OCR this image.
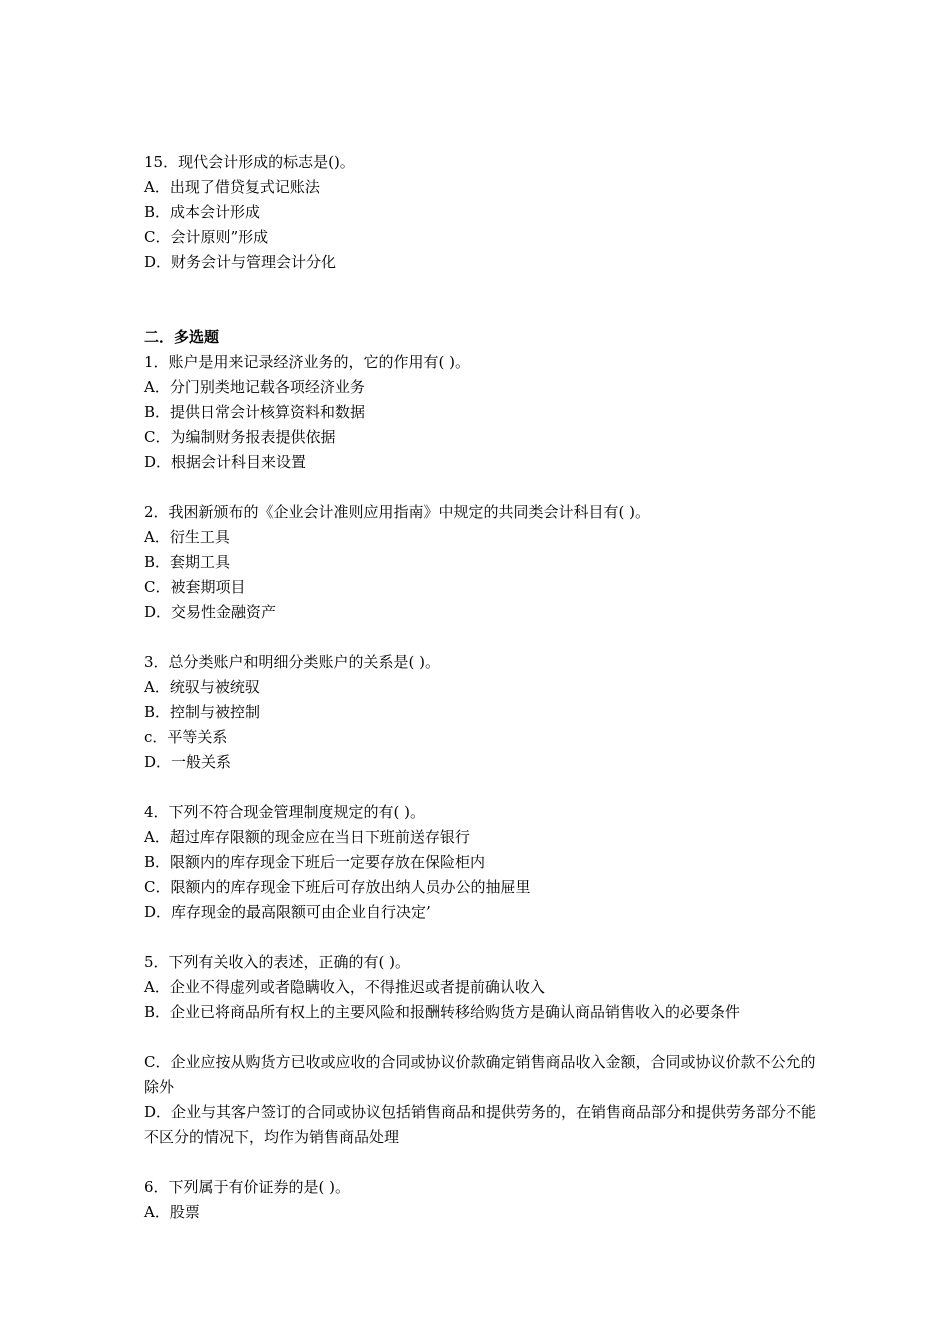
15．现代会计形成的标志是()。
A．出现了借贷复式记账法
B．成本会计形成
C．会计原则”形成
D．财务会计与管理会计分化
二．多选题
1．账户是用来记录经济业务的，它的作用有( )。
A．分门别类地记载各项经济业务
B．提供日常会计核算资料和数据
C．为编制财务报表提供依据
D．根据会计科目来设置
2．我困新颁布的《企业会计准则应用指南》中规定的共同类会计科目有( )。
A．衍生工具
B．套期工具
C．被套期项目
D．交易性金融资产
3．总分类账户和明细分类账户的关系是( )。
A．统驭与被统驭
B．控制与被控制
c．平等关系
D．一般关系
4．下列不符合现金管理制度规定的有( )。
A．超过库存限额的现金应在当日下班前送存银行
B．限额内的库存现金下班后一定要存放在保险柜内
C．限额内的库存现金下班后可存放出纳人员办公的抽屉里
D．库存现金的最高限额可由企业自行决定’
5．下列有关收入的表述，正确的有( )。
A．企业不得虚列或者隐瞒收入，不得推迟或者提前确认收入
B．企业已将商品所有权上的主要风险和报酬转移给购货方是确认商品销售收入的必要条件
C．企业应按从购货方已收或应收的合同或协议价款确定销售商品收入金额，合同或协议价款不公允的除外
D．企业与其客户签订的合同或协议包括销售商品和提供劳务的，在销售商品部分和提供劳务部分不能不区分的情况下，均作为销售商品处理
6．下列属于有价证券的是( )。
A．股票
